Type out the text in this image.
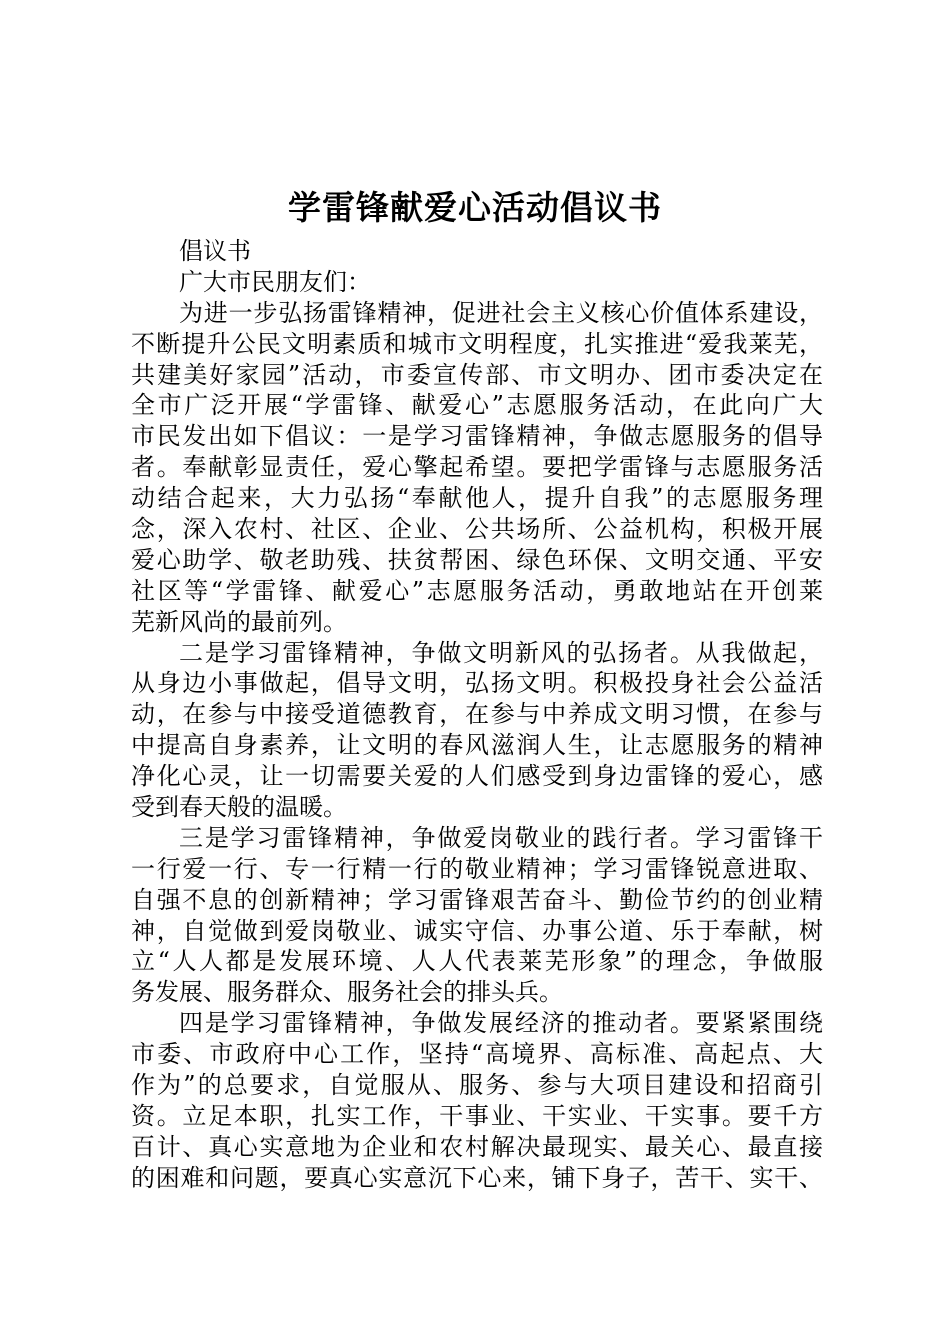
学雷锋献爱心活动倡议书
倡议书
广大市民朋友们：
为进一步弘扬雷锋精神，促进社会主义核心价值体系建设，
不断提升公民文明素质和城市文明程度，扎实推进“爱我莱芜，
共建美好家园”活动，市委宣传部、市文明办、团市委决定在
全市广泛开展“学雷锋、献爱心”志愿服务活动，在此向广大
市民发出如下倡议：一是学习雷锋精神，争做志愿服务的倡导
者。奉献彰显责任，爱心擎起希望。要把学雷锋与志愿服务活
动结合起来，大力弘扬“奉献他人，提升自我”的志愿服务理
念，深入农村、社区、企业、公共场所、公益机构，积极开展
爱心助学、敬老助残、扶贫帮困、绿色环保、文明交通、平安
社区等“学雷锋、献爱心”志愿服务活动，勇敢地站在开创莱
芜新风尚的最前列。
二是学习雷锋精神，争做文明新风的弘扬者。从我做起，
从身边小事做起，倡导文明，弘扬文明。积极投身社会公益活
动，在参与中接受道德教育，在参与中养成文明习惯，在参与
中提高自身素养，让文明的春风滋润人生，让志愿服务的精神
净化心灵，让一切需要关爱的人们感受到身边雷锋的爱心，感
受到春天般的温暖。
三是学习雷锋精神，争做爱岗敬业的践行者。学习雷锋干
一行爱一行、专一行精一行的敬业精神；学习雷锋锐意进取、
自强不息的创新精神；学习雷锋艰苦奋斗、勤俭节约的创业精
神，自觉做到爱岗敬业、诚实守信、办事公道、乐于奉献，树
立“人人都是发展环境、人人代表莱芜形象”的理念，争做服
务发展、服务群众、服务社会的排头兵。
四是学习雷锋精神，争做发展经济的推动者。要紧紧围绕
市委、市政府中心工作，坚持“高境界、高标准、高起点、大
作为”的总要求，自觉服从、服务、参与大项目建设和招商引
资。立足本职，扎实工作，干事业、干实业、干实事。要千方
百计、真心实意地为企业和农村解决最现实、最关心、最直接
的困难和问题，要真心实意沉下心来，铺下身子，苦干、实干、
